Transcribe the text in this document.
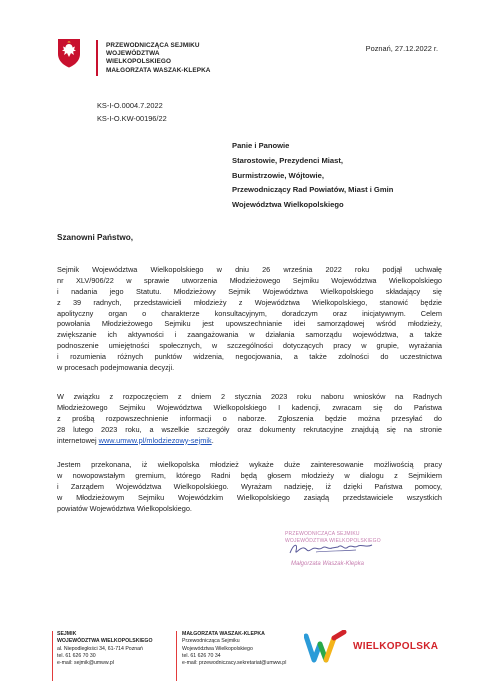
PRZEWODNICZĄCA SEJMIKU
WOJEWÓDZTWA
WIELKOPOLSKIEGO
MAŁGORZATA WASZAK-KLEPKA
Poznań, 27.12.2022 r.
KS-I-O.0004.7.2022
KS-I-O.KW-00196/22
Panie i Panowie
Starostowie, Prezydenci Miast,
Burmistrzowie, Wójtowie,
Przewodniczący Rad Powiatów, Miast i Gmin
Województwa Wielkopolskiego
Szanowni Państwo,
Sejmik Województwa Wielkopolskiego w dniu 26 września 2022 roku podjął uchwałę
nr XLV/906/22 w sprawie utworzenia Młodzieżowego Sejmiku Województwa Wielkopolskiego
i nadania jego Statutu. Młodzieżowy Sejmik Województwa Wielkopolskiego składający się
z 39 radnych, przedstawicieli młodzieży z Województwa Wielkopolskiego, stanowić będzie
apolityczny organ o charakterze konsultacyjnym, doradczym oraz inicjatywnym. Celem
powołania Młodzieżowego Sejmiku jest upowszechnianie idei samorządowej wśród młodzieży,
zwiększanie ich aktywności i zaangażowania w działania samorządu województwa, a także
podnoszenie umiejętności społecznych, w szczególności dotyczących pracy w grupie, wyrażania
i rozumienia różnych punktów widzenia, negocjowania, a także zdolności do uczestnictwa
w procesach podejmowania decyzji.
W związku z rozpoczęciem z dniem 2 stycznia 2023 roku naboru wniosków na Radnych
Młodzieżowego Sejmiku Województwa Wielkopolskiego I kadencji, zwracam się do Państwa
z prośbą rozpowszechnienie informacji o naborze. Zgłoszenia będzie można przesyłać do
28 lutego 2023 roku, a wszelkie szczegóły oraz dokumenty rekrutacyjne znajdują się na stronie
internetowej www.umww.pl/mlodziezowy-sejmik.
Jestem przekonana, iż wielkopolska młodzież wykaże duże zainteresowanie możliwością pracy
w nowopowstałym gremium, którego Radni będą głosem młodzieży w dialogu z Sejmikiem
i Zarządem Województwa Wielkopolskiego. Wyrażam nadzieję, iż dzięki Państwa pomocy,
w Młodzieżowym Sejmiku Wojewódzkim Wielkopolskiego zasiądą przedstawiciele wszystkich
powiatów Województwa Wielkopolskiego.
PRZEWODNICZĄCA SEJMIKU
WOJEWÓDZTWA WIELKOPOLSKIEGO
Małgorzata Waszak-Klepka
SEJMIK
WOJEWÓDZTWA WIELKOPOLSKIEGO
al. Niepodległości 34, 61-714 Poznań
tel. 61 626 70 30
e-mail: sejmik@umww.pl
MAŁGORZATA WASZAK-KLEPKA
Przewodnicząca Sejmiku
Województwa Wielkopolskiego
tel. 61 626 70 34
e-mail: przewodniczacy.sekretariat@umww.pl
WIELKOPOLSKA
